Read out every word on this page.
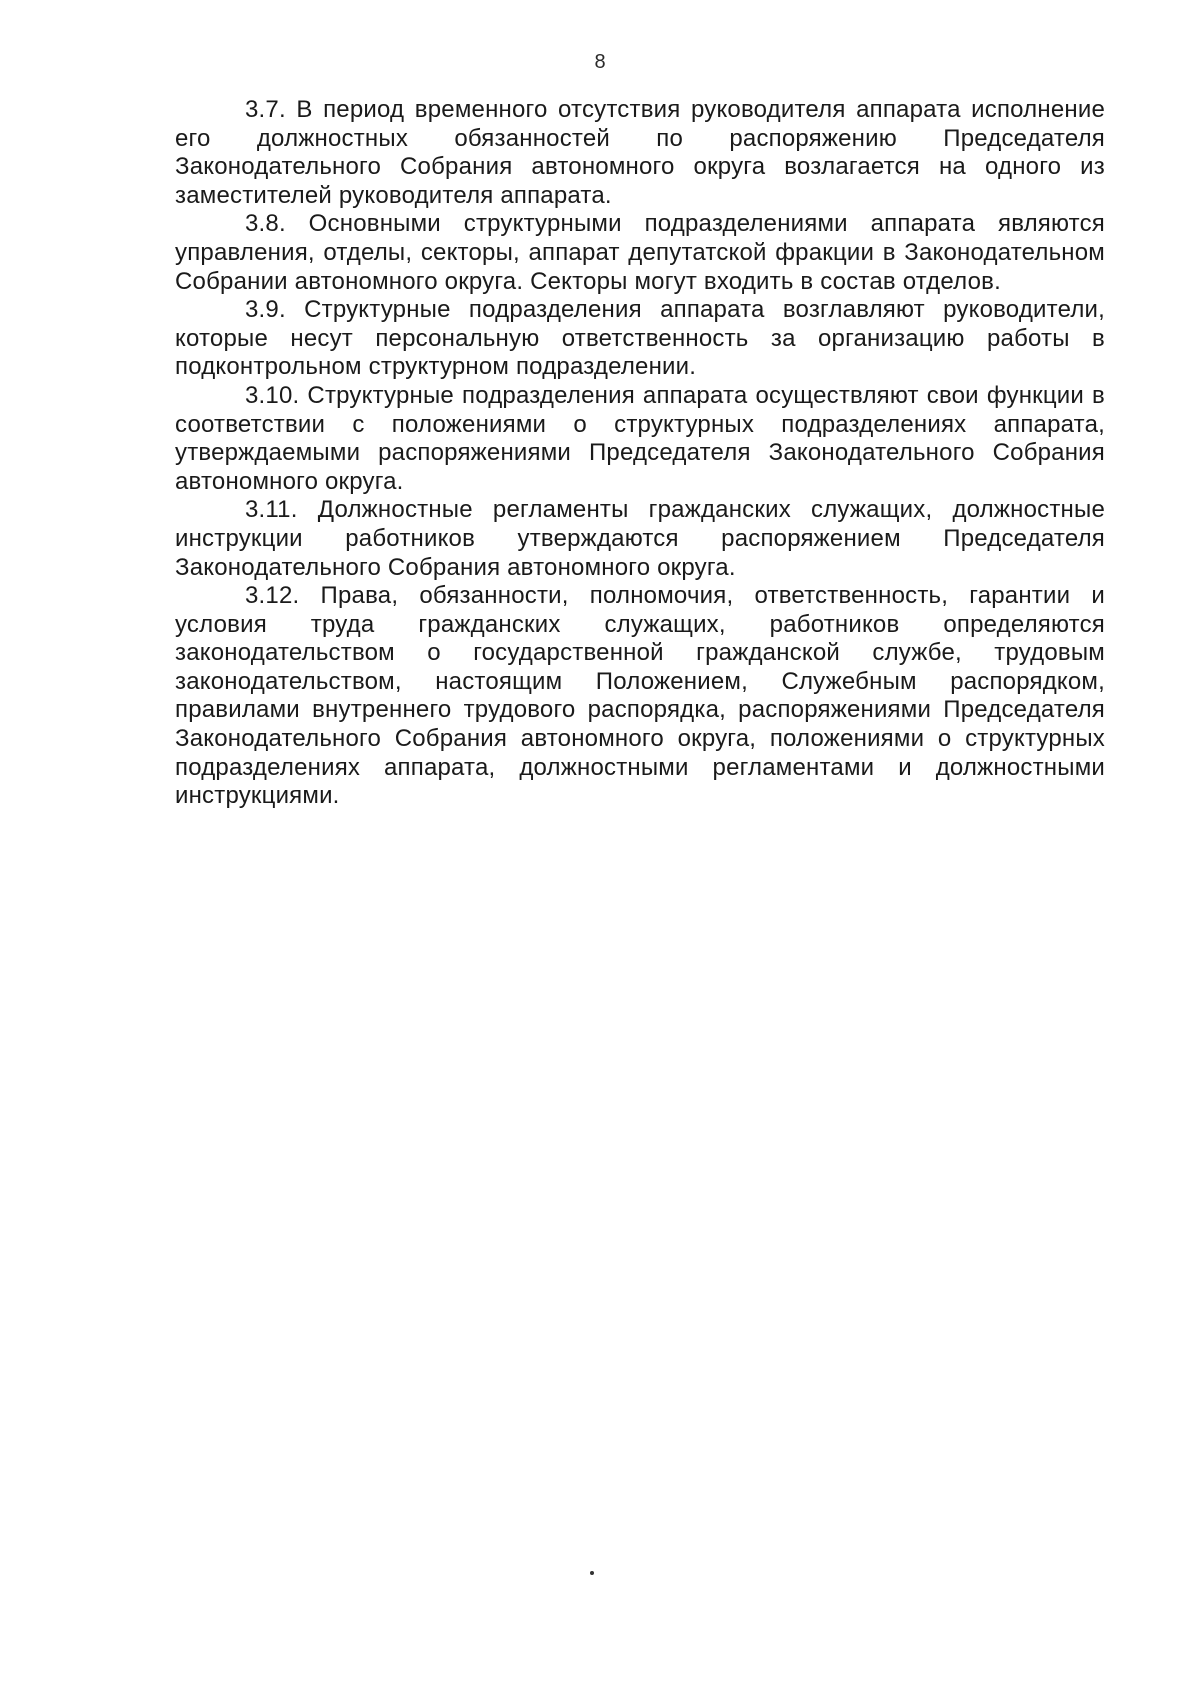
8

3.7. В период временного отсутствия руководителя аппарата исполнение его должностных обязанностей по распоряжению Председателя Законодательного Собрания автономного округа возлагается на одного из заместителей руководителя аппарата.

3.8. Основными структурными подразделениями аппарата являются управления, отделы, секторы, аппарат депутатской фракции в Законодательном Собрании автономного округа. Секторы могут входить в состав отделов.

3.9. Структурные подразделения аппарата возглавляют руководители, которые несут персональную ответственность за организацию работы в подконтрольном структурном подразделении.

3.10. Структурные подразделения аппарата осуществляют свои функции в соответствии с положениями о структурных подразделениях аппарата, утверждаемыми распоряжениями Председателя Законодательного Собрания автономного округа.

3.11. Должностные регламенты гражданских служащих, должностные инструкции работников утверждаются распоряжением Председателя Законодательного Собрания автономного округа.

3.12. Права, обязанности, полномочия, ответственность, гарантии и условия труда гражданских служащих, работников определяются законодательством о государственной гражданской службе, трудовым законодательством, настоящим Положением, Служебным распорядком, правилами внутреннего трудового распорядка, распоряжениями Председателя Законодательного Собрания автономного округа, положениями о структурных подразделениях аппарата, должностными регламентами и должностными инструкциями.
